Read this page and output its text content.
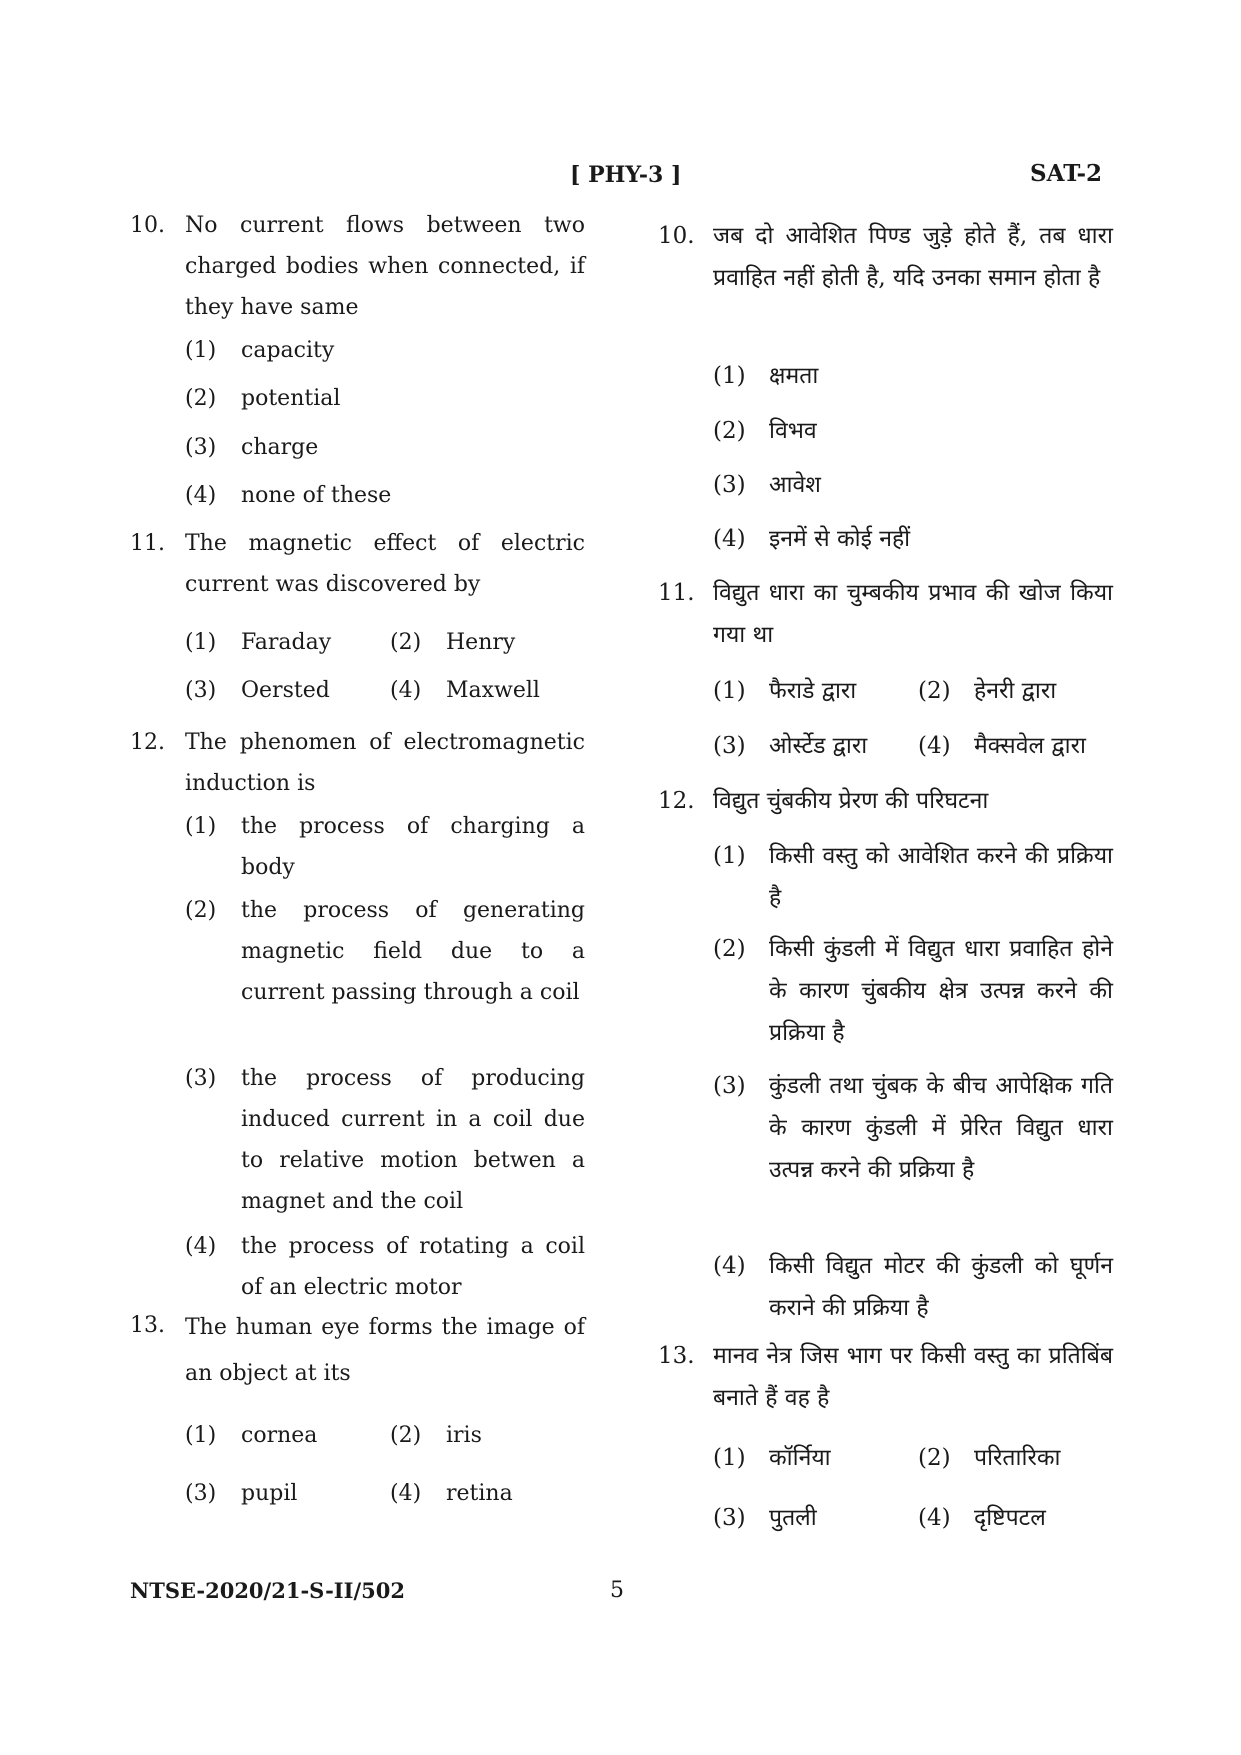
[ PHY-3 ]	SAT-2
10. No current flows between two charged bodies when connected, if they have same
(1) capacity
(2) potential
(3) charge
(4) none of these
11. The magnetic effect of electric current was discovered by
(1) Faraday	(2) Henry
(3) Oersted	(4) Maxwell
12. The phenomen of electromagnetic induction is
(1) the process of charging a body
(2) the process of generating magnetic field due to a current passing through a coil
(3) the process of producing induced current in a coil due to relative motion betwen a magnet and the coil
(4) the process of rotating a coil of an electric motor
13. The human eye forms the image of an object at its
(1) cornea	(2) iris
(3) pupil	(4) retina
10. जब दो आवेशित पिण्ड जुड़े होते हैं, तब धारा प्रवाहित नहीं होती है, यदि उनका समान होता है
(1) क्षमता
(2) विभव
(3) आवेश
(4) इनमें से कोई नहीं
11. विद्युत धारा का चुम्बकीय प्रभाव की खोज किया गया था
(1) फैराडे द्वारा	(2) हेनरी द्वारा
(3) ओर्स्टेड द्वारा	(4) मैक्सवेल द्वारा
12. विद्युत चुंबकीय प्रेरण की परिघटना
(1) किसी वस्तु को आवेशित करने की प्रक्रिया है
(2) किसी कुंडली में विद्युत धारा प्रवाहित होने के कारण चुंबकीय क्षेत्र उत्पन्न करने की प्रक्रिया है
(3) कुंडली तथा चुंबक के बीच आपेक्षिक गति के कारण कुंडली में प्रेरित विद्युत धारा उत्पन्न करने की प्रक्रिया है
(4) किसी विद्युत मोटर की कुंडली को घूर्णन कराने की प्रक्रिया है
13. मानव नेत्र जिस भाग पर किसी वस्तु का प्रतिबिंब बनाते हैं वह है
(1) कॉर्निया	(2) परितारिका
(3) पुतली	(4) दृष्टिपटल
NTSE-2020/21-S-II/502	5
